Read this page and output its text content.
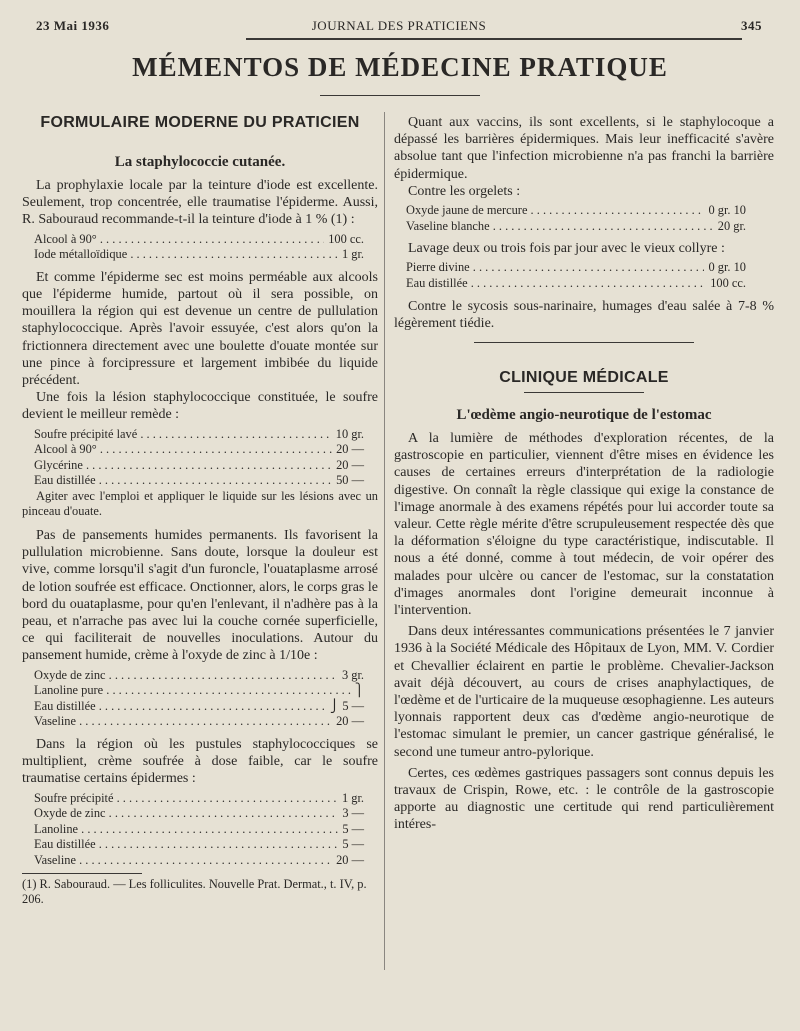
23 Mai 1936	JOURNAL DES PRATICIENS	345
MÉMENTOS DE MÉDECINE PRATIQUE
FORMULAIRE MODERNE DU PRATICIEN
La staphylococcie cutanée.

La prophylaxie locale par la teinture d'iode est excellente. Seulement, trop concentrée, elle traumatise l'épiderme. Aussi, R. Sabouraud recommande-t-il la teinture d'iode à 1 % (1) :

Alcool à 90° . . .	100 cc.
Iode métalloïdique . . .	1 gr.

Et comme l'épiderme sec est moins perméable aux alcools que l'épiderme humide, partout où il sera possible, on mouillera la région qui est devenue un centre de pullulation staphylococcique. Après l'avoir essuyée, c'est alors qu'on la frictionnera directement avec une boulette d'ouate montée sur une pince à forcipressure et largement imbibée du liquide précédent.

Une fois la lésion staphylococcique constituée, le soufre devient le meilleur remède :

Soufre précipité lavé . . .	10 gr.
Alcool à 90° . . .	20 —
Glycérine . . .	20 —
Eau distillée . . .	50 —

Agiter avec l'emploi et appliquer le liquide sur les lésions avec un pinceau d'ouate.

Pas de pansements humides permanents. Ils favorisent la pullulation microbienne. Sans doute, lorsque la douleur est vive, comme lorsqu'il s'agit d'un furoncle, l'ouataplasme arrosé de lotion soufrée est efficace. Onctionner, alors, le corps gras le bord du ouataplasme, pour qu'en l'enlevant, il n'adhère pas à la peau, et n'arrache pas avec lui la couche cornée superficielle, ce qui faciliterait de nouvelles inoculations. Autour du pansement humide, crème à l'oxyde de zinc à 1/10e :

Oxyde de zinc . . .	3 gr.
Lanoline pure . . .	⎫
Eau distillée . . .	⎭ 5 —
Vaseline . . .	20 —

Dans la région où les pustules staphylococciques se multiplient, crème soufrée à dose faible, car le soufre traumatise certains épidermes :

Soufre précipité . . .	1 gr.
Oxyde de zinc . . .	3 —
Lanoline . . .	5 —
Eau distillée . . .	5 —
Vaseline . . .	20 —

(1) R. Sabouraud. — Les folliculites. Nouvelle Prat. Dermat., t. IV, p. 206.

Quant aux vaccins, ils sont excellents, si le staphylocoque a dépassé les barrières épidermiques. Mais leur inefficacité s'avère absolue tant que l'infection microbienne n'a pas franchi la barrière épidermique.

Contre les orgelets :

Oxyde jaune de mercure . . .	0 gr. 10
Vaseline blanche . . .	20 gr.

Lavage deux ou trois fois par jour avec le vieux collyre :

Pierre divine . . .	0 gr. 10
Eau distillée . . .	100 cc.

Contre le sycosis sous-narinaire, humages d'eau salée à 7-8 % légèrement tiédie.

CLINIQUE MÉDICALE
L'œdème angio-neurotique de l'estomac

A la lumière de méthodes d'exploration récentes, de la gastroscopie en particulier, viennent d'être mises en évidence les causes de certaines erreurs d'interprétation de la radiologie digestive. On connaît la règle classique qui exige la constance de l'image anormale à des examens répétés pour lui accorder toute sa valeur. Cette règle mérite d'être scrupuleusement respectée dès que la déformation s'éloigne du type caractéristique, indiscutable. Il nous a été donné, comme à tout médecin, de voir opérer des malades pour ulcère ou cancer de l'estomac, sur la constatation d'images anormales dont l'origine demeurait inconnue à l'intervention.

Dans deux intéressantes communications présentées le 7 janvier 1936 à la Société Médicale des Hôpitaux de Lyon, MM. V. Cordier et Chevallier éclairent en partie le problème. Chevalier-Jackson avait déjà découvert, au cours de crises anaphylactiques, de l'œdème et de l'urticaire de la muqueuse œsophagienne. Les auteurs lyonnais rapportent deux cas d'œdème angio-neurotique de l'estomac simulant le premier, un cancer gastrique généralisé, le second une tumeur antro-pylorique.

Certes, ces œdèmes gastriques passagers sont connus depuis les travaux de Crispin, Rowe, etc. : le contrôle de la gastroscopie apporte au diagnostic une certitude qui rend particulièrement intéres-
